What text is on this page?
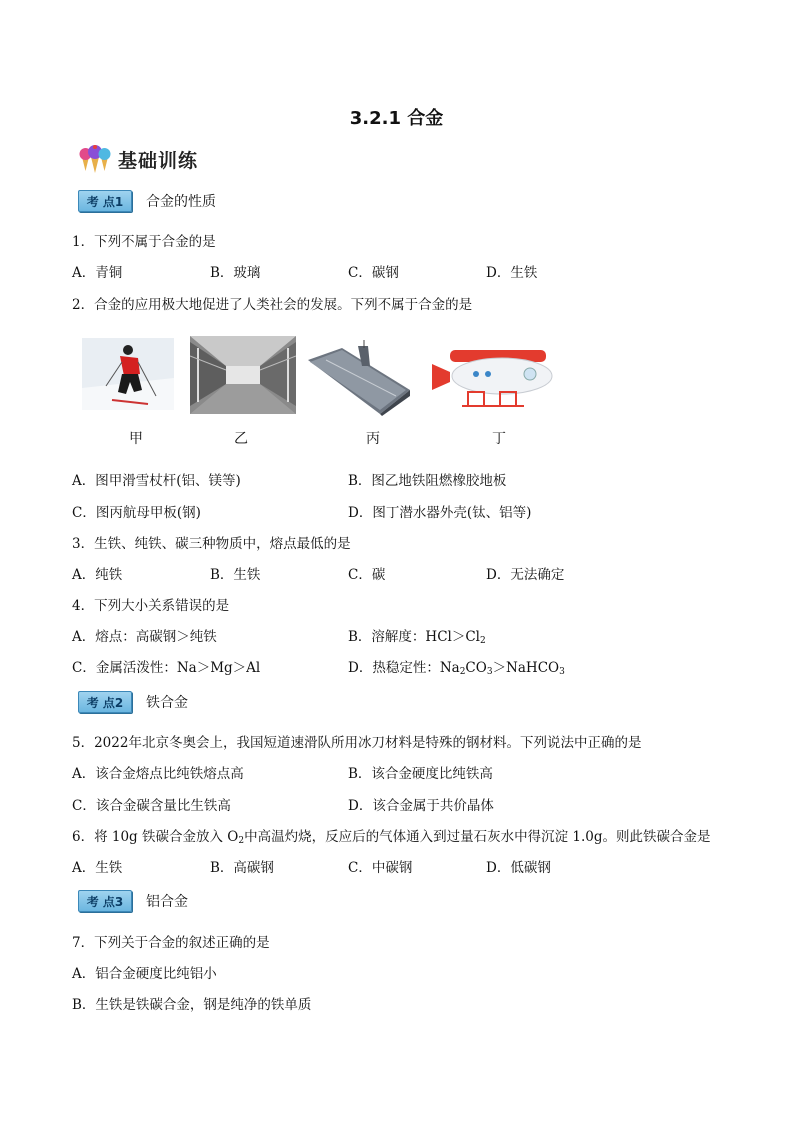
3.2.1 合金
基础训练
考 点1	合金的性质
1．下列不属于合金的是
A．青铜	B．玻璃	C．碳钢	D．生铁
2．合金的应用极大地促进了人类社会的发展。下列不属于合金的是
甲	乙	丙	丁
A．图甲滑雪杖杆(铝、镁等)	B．图乙地铁阻燃橡胶地板
C．图丙航母甲板(钢)	D．图丁潜水器外壳(钛、铝等)
3．生铁、纯铁、碳三种物质中，熔点最低的是
A．纯铁	B．生铁	C．碳	D．无法确定
4．下列大小关系错误的是
A．熔点：高碳钢＞纯铁	B．溶解度：$HCl>Cl_2$
C．金属活泼性：Na＞Mg＞Al	D．热稳定性：$Na_2CO_3>NaHCO_3$
考 点2	铁合金
5．2022年北京冬奥会上，我国短道速滑队所用冰刀材料是特殊的钢材料。下列说法中正确的是
A．该合金熔点比纯铁熔点高	B．该合金硬度比纯铁高
C．该合金碳含量比生铁高	D．该合金属于共价晶体
6．将 10g 铁碳合金放入 $O_2$中高温灼烧，反应后的气体通入到过量石灰水中得沉淀 1.0g。则此铁碳合金是
A．生铁	B．高碳钢	C．中碳钢	D．低碳钢
考 点3	铝合金
7．下列关于合金的叙述正确的是
A．铝合金硬度比纯铝小
B．生铁是铁碳合金，钢是纯净的铁单质
